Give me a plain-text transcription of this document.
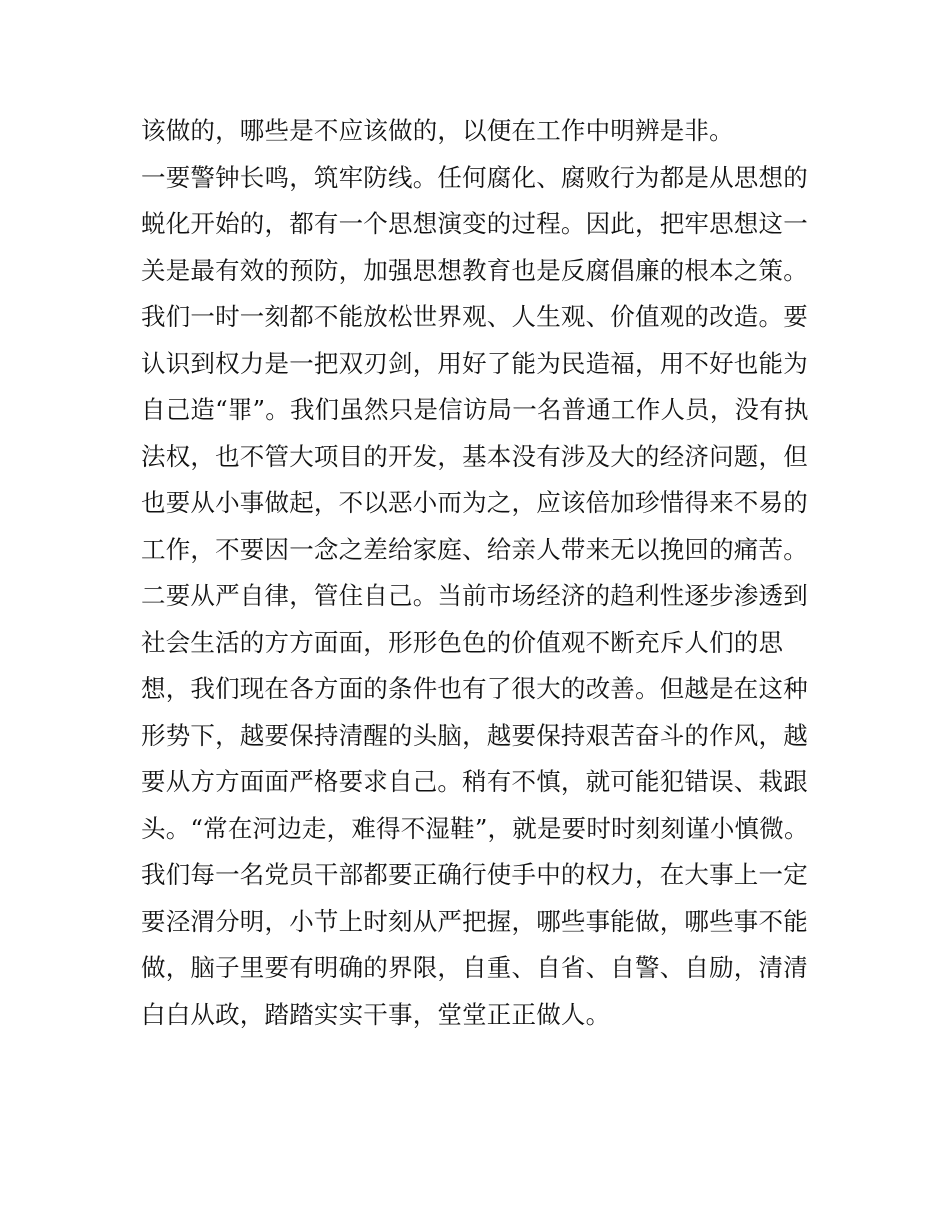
该做的，哪些是不应该做的，以便在工作中明辨是非。
一要警钟长鸣，筑牢防线。任何腐化、腐败行为都是从思想的
蜕化开始的，都有一个思想演变的过程。因此，把牢思想这一
关是最有效的预防，加强思想教育也是反腐倡廉的根本之策。
我们一时一刻都不能放松世界观、人生观、价值观的改造。要
认识到权力是一把双刃剑，用好了能为民造福，用不好也能为
自己造“罪”。我们虽然只是信访局一名普通工作人员，没有执
法权，也不管大项目的开发，基本没有涉及大的经济问题，但
也要从小事做起，不以恶小而为之，应该倍加珍惜得来不易的
工作，不要因一念之差给家庭、给亲人带来无以挽回的痛苦。
二要从严自律，管住自己。当前市场经济的趋利性逐步渗透到
社会生活的方方面面，形形色色的价值观不断充斥人们的思
想，我们现在各方面的条件也有了很大的改善。但越是在这种
形势下，越要保持清醒的头脑，越要保持艰苦奋斗的作风，越
要从方方面面严格要求自己。稍有不慎，就可能犯错误、栽跟
头。“常在河边走，难得不湿鞋”，就是要时时刻刻谨小慎微。
我们每一名党员干部都要正确行使手中的权力，在大事上一定
要泾渭分明，小节上时刻从严把握，哪些事能做，哪些事不能
做，脑子里要有明确的界限，自重、自省、自警、自励，清清
白白从政，踏踏实实干事，堂堂正正做人。
